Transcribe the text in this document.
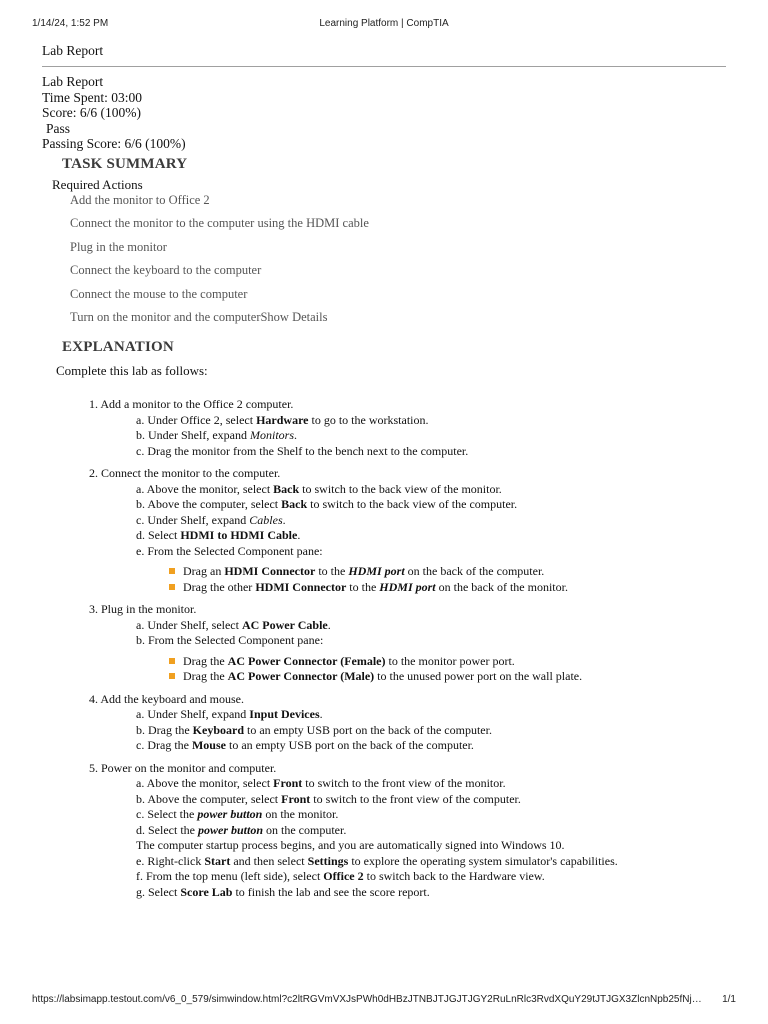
1/14/24, 1:52 PM	Learning Platform | CompTIA
Lab Report
Lab Report
Time Spent: 03:00
Score: 6/6 (100%)
Pass
Passing Score: 6/6 (100%)
TASK SUMMARY
Required Actions
Add the monitor to Office 2
Connect the monitor to the computer using the HDMI cable
Plug in the monitor
Connect the keyboard to the computer
Connect the mouse to the computer
Turn on the monitor and the computerShow Details
EXPLANATION
Complete this lab as follows:
1. Add a monitor to the Office 2 computer.
a. Under Office 2, select Hardware to go to the workstation.
b. Under Shelf, expand Monitors.
c. Drag the monitor from the Shelf to the bench next to the computer.
2. Connect the monitor to the computer.
a. Above the monitor, select Back to switch to the back view of the monitor.
b. Above the computer, select Back to switch to the back view of the computer.
c. Under Shelf, expand Cables.
d. Select HDMI to HDMI Cable.
e. From the Selected Component pane:
Drag an HDMI Connector to the HDMI port on the back of the computer.
Drag the other HDMI Connector to the HDMI port on the back of the monitor.
3. Plug in the monitor.
a. Under Shelf, select AC Power Cable.
b. From the Selected Component pane:
Drag the AC Power Connector (Female) to the monitor power port.
Drag the AC Power Connector (Male) to the unused power port on the wall plate.
4. Add the keyboard and mouse.
a. Under Shelf, expand Input Devices.
b. Drag the Keyboard to an empty USB port on the back of the computer.
c. Drag the Mouse to an empty USB port on the back of the computer.
5. Power on the monitor and computer.
a. Above the monitor, select Front to switch to the front view of the monitor.
b. Above the computer, select Front to switch to the front view of the computer.
c. Select the power button on the monitor.
d. Select the power button on the computer.
The computer startup process begins, and you are automatically signed into Windows 10.
e. Right-click Start and then select Settings to explore the operating system simulator's capabilities.
f. From the top menu (left side), select Office 2 to switch back to the Hardware view.
g. Select Score Lab to finish the lab and see the score report.
https://labsimapp.testout.com/v6_0_579/simwindow.html?c2ltRGVmVXJsPWh0dHBzJTNBJTJGJTJGY2RuLnRlc3RvdXQuY29tJTJGX3ZlcnNpb25fNj…	1/1
